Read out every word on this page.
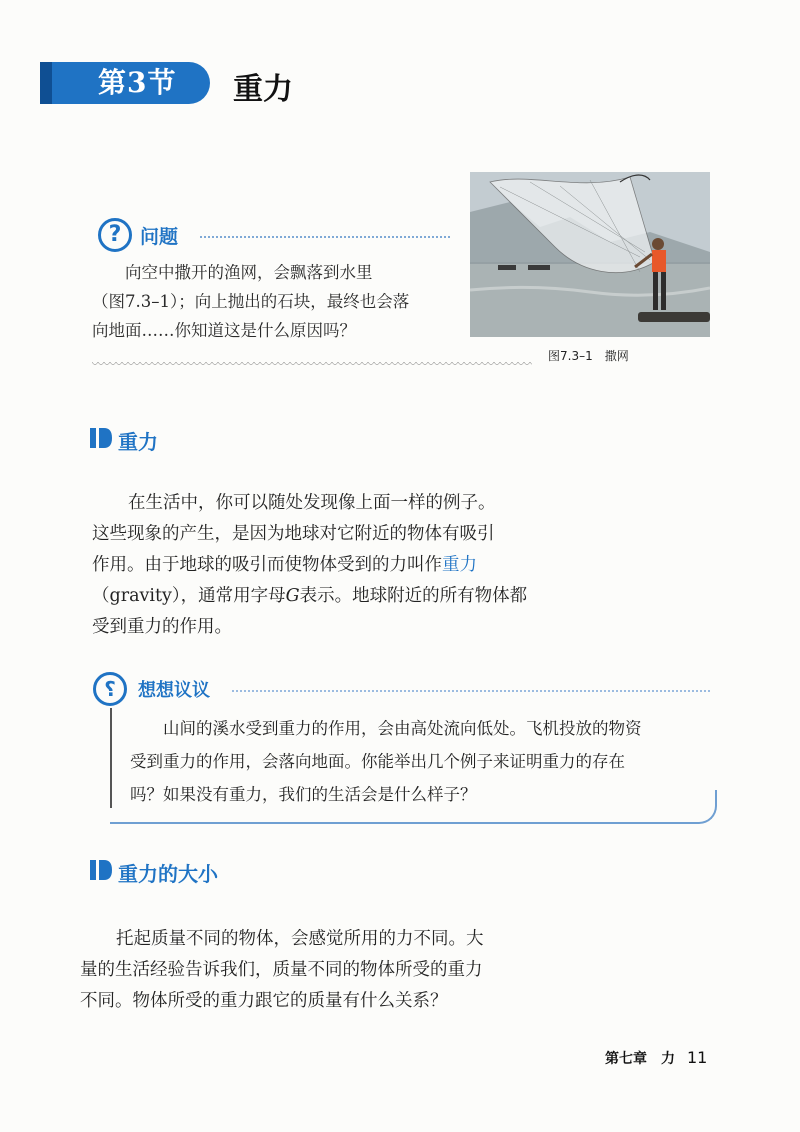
第3节	重力
? 问题

向空中撒开的渔网，会飘落到水里

（图7.3–1）；向上抛出的石块，最终也会落

向地面……你知道这是什么原因吗？

图7.3–1　撒网
重力

在生活中，你可以随处发现像上面一样的例子。

这些现象的产生，是因为地球对它附近的物体有吸引

作用。由于地球的吸引而使物体受到的力叫作重力

（gravity），通常用字母G表示。地球附近的所有物体都

受到重力的作用。

⸮	想想议议

山间的溪水受到重力的作用，会由高处流向低处。飞机投放的物资

受到重力的作用，会落向地面。你能举出几个例子来证明重力的存在

吗？如果没有重力，我们的生活会是什么样子？

重力的大小

托起质量不同的物体，会感觉所用的力不同。大

量的生活经验告诉我们，质量不同的物体所受的重力

不同。物体所受的重力跟它的质量有什么关系？

第七章　力 11
